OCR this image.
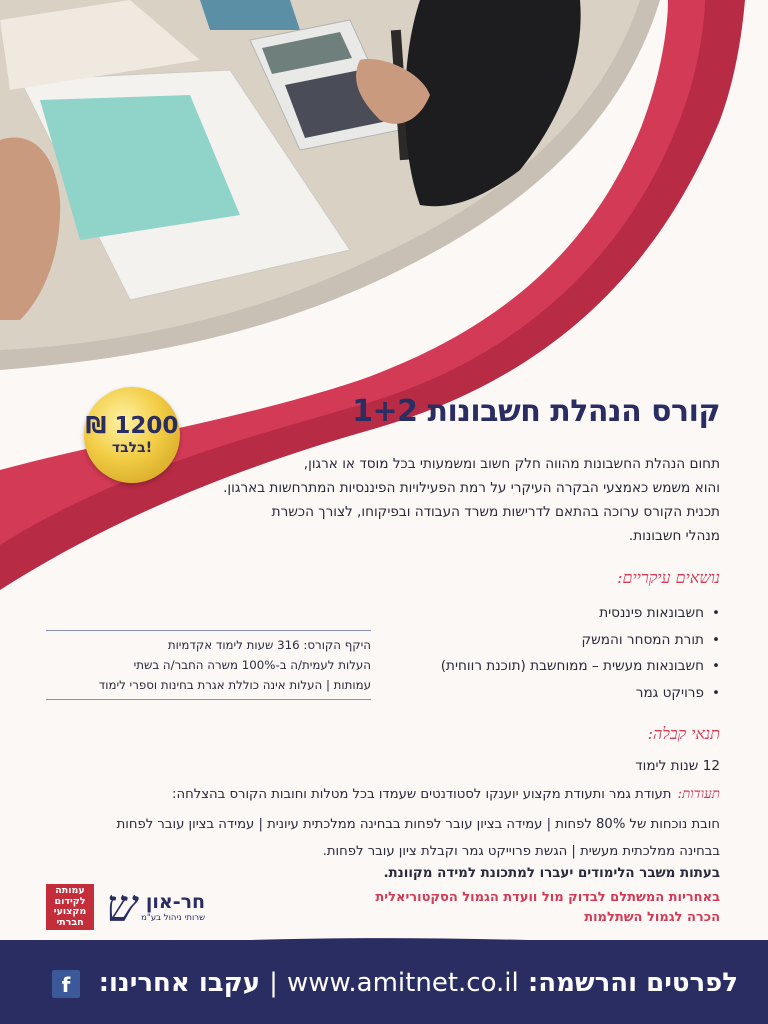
1200 ₪
בלבד!
קורס הנהלת חשבונות 1+2
תחום הנהלת החשבונות מהווה חלק חשוב ומשמעותי בכל מוסד או ארגון,
והוא משמש כאמצעי הבקרה העיקרי על רמת הפעילויות הפיננסיות המתרחשות בארגון.
תכנית הקורס ערוכה בהתאם לדרישות משרד העבודה ובפיקוחו, לצורך הכשרת
מנהלי חשבונות.
נושאים עיקריים:
• חשבונאות פיננסית
• תורת המסחר והמשק
• חשבונאות מעשית – ממוחשבת (תוכנת רווחית)
• פרויקט גמר
תנאי קבלה:
12 שנות לימוד
תעודות:תעודת גמר ותעודת מקצוע יוענקו לסטודנטים שעמדו בכל מטלות וחובות הקורס בהצלחה:
חובת נוכחות של 80% לפחות | עמידה בציון עובר לפחות בבחינה ממלכתית עיונית | עמידה בציון עובר לפחות
בבחינה ממלכתית מעשית | הגשת פרוייקט גמר וקבלת ציון עובר לפחות.
בעתות משבר הלימודים יעברו למתכונת למידה מקוונת.
באחריות המשתלם לבדוק מול וועדת הגמול הסקטוריאלית
הכרה לגמול השתלמות
היקף הקורס: 316 שעות לימוד אקדמיות
העלות לעמית/ה ב-100% משרה החבר/ה בשתי
עמותות | העלות אינה כוללת אגרת בחינות וספרי לימוד
עמותה
לקידום
מקצועי
חברתי
חר-און
שרותי ניהול בע"מ
ש
לפרטים והרשמה: www.amitnet.co.il | עקבו אחרינו:
f
